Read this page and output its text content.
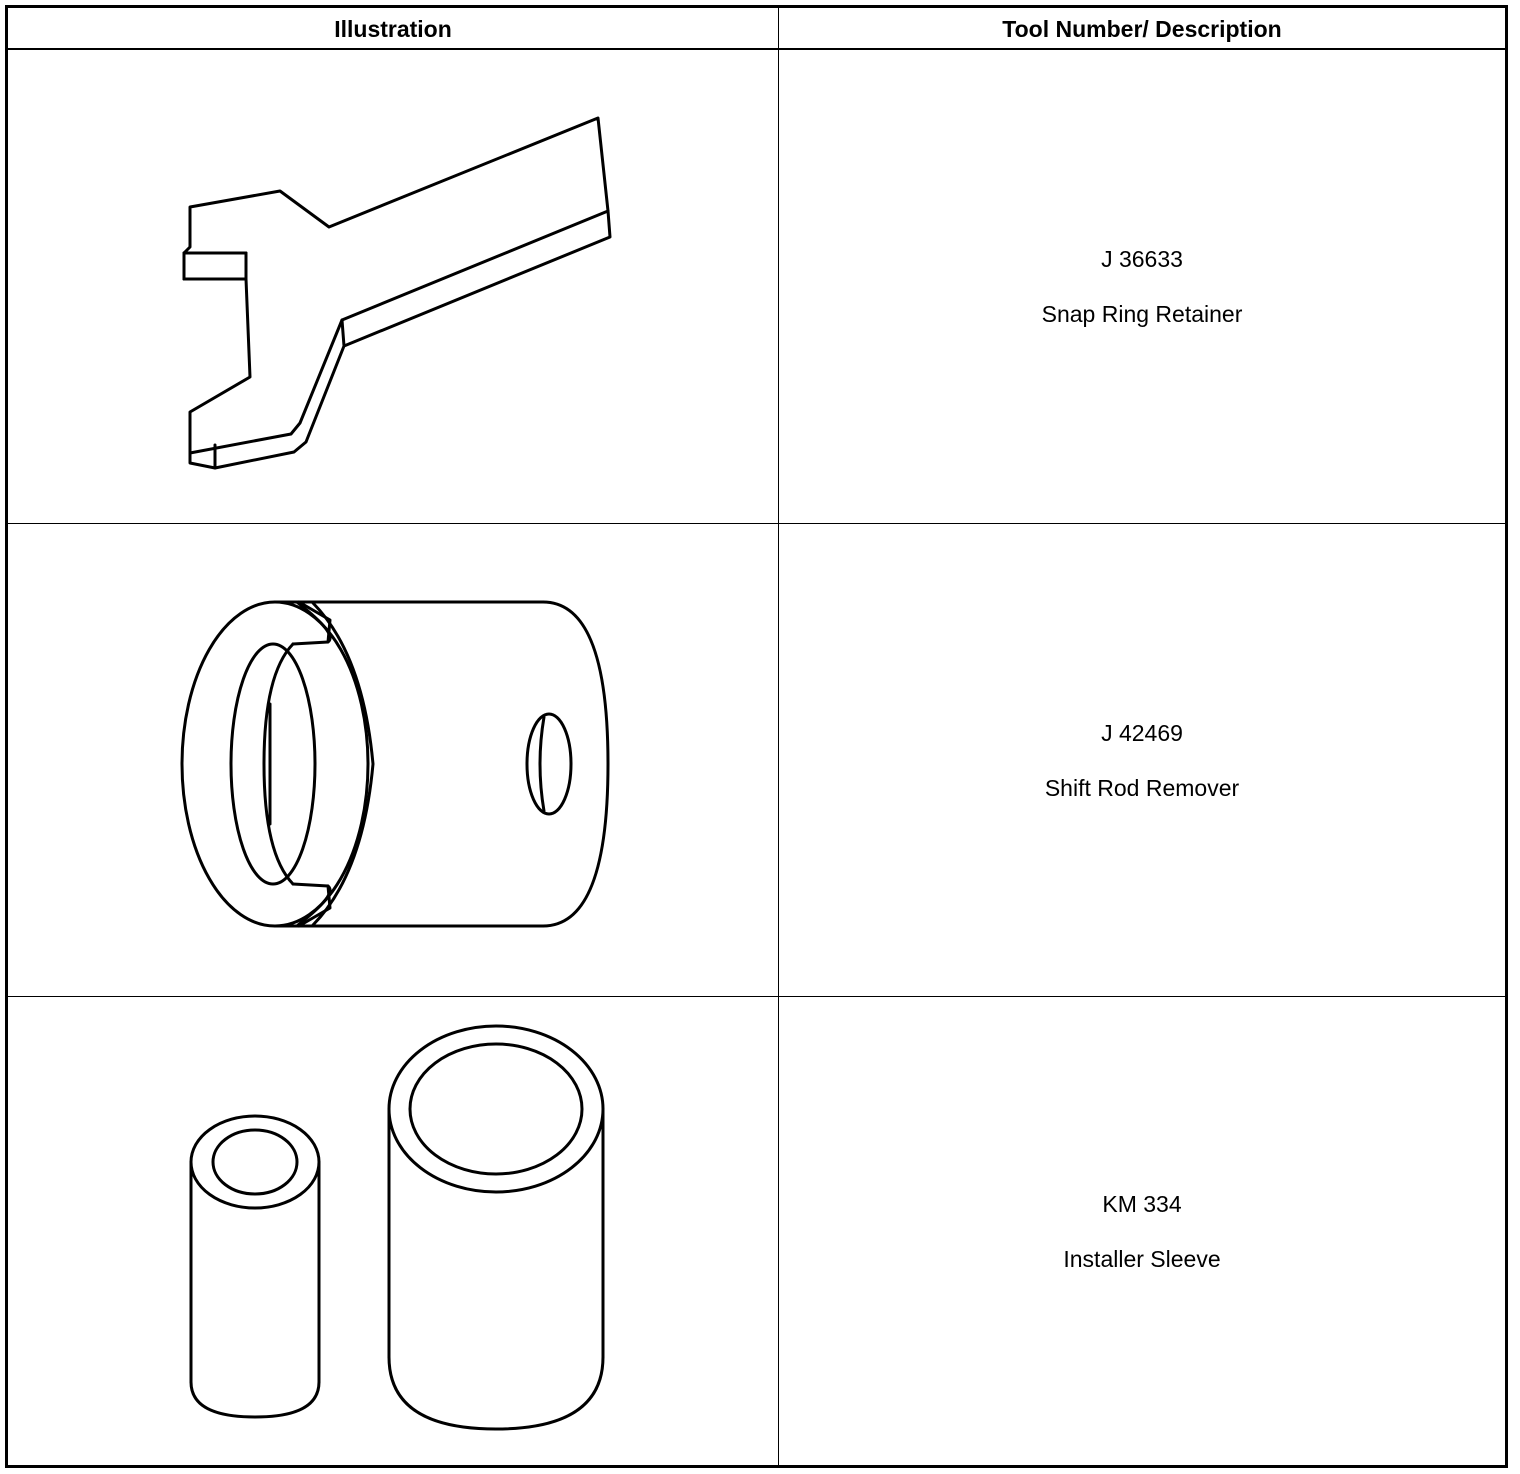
Illustration	Tool Number/ Description
J 36633
Snap Ring Retainer
J 42469
Shift Rod Remover
KM 334
Installer Sleeve
